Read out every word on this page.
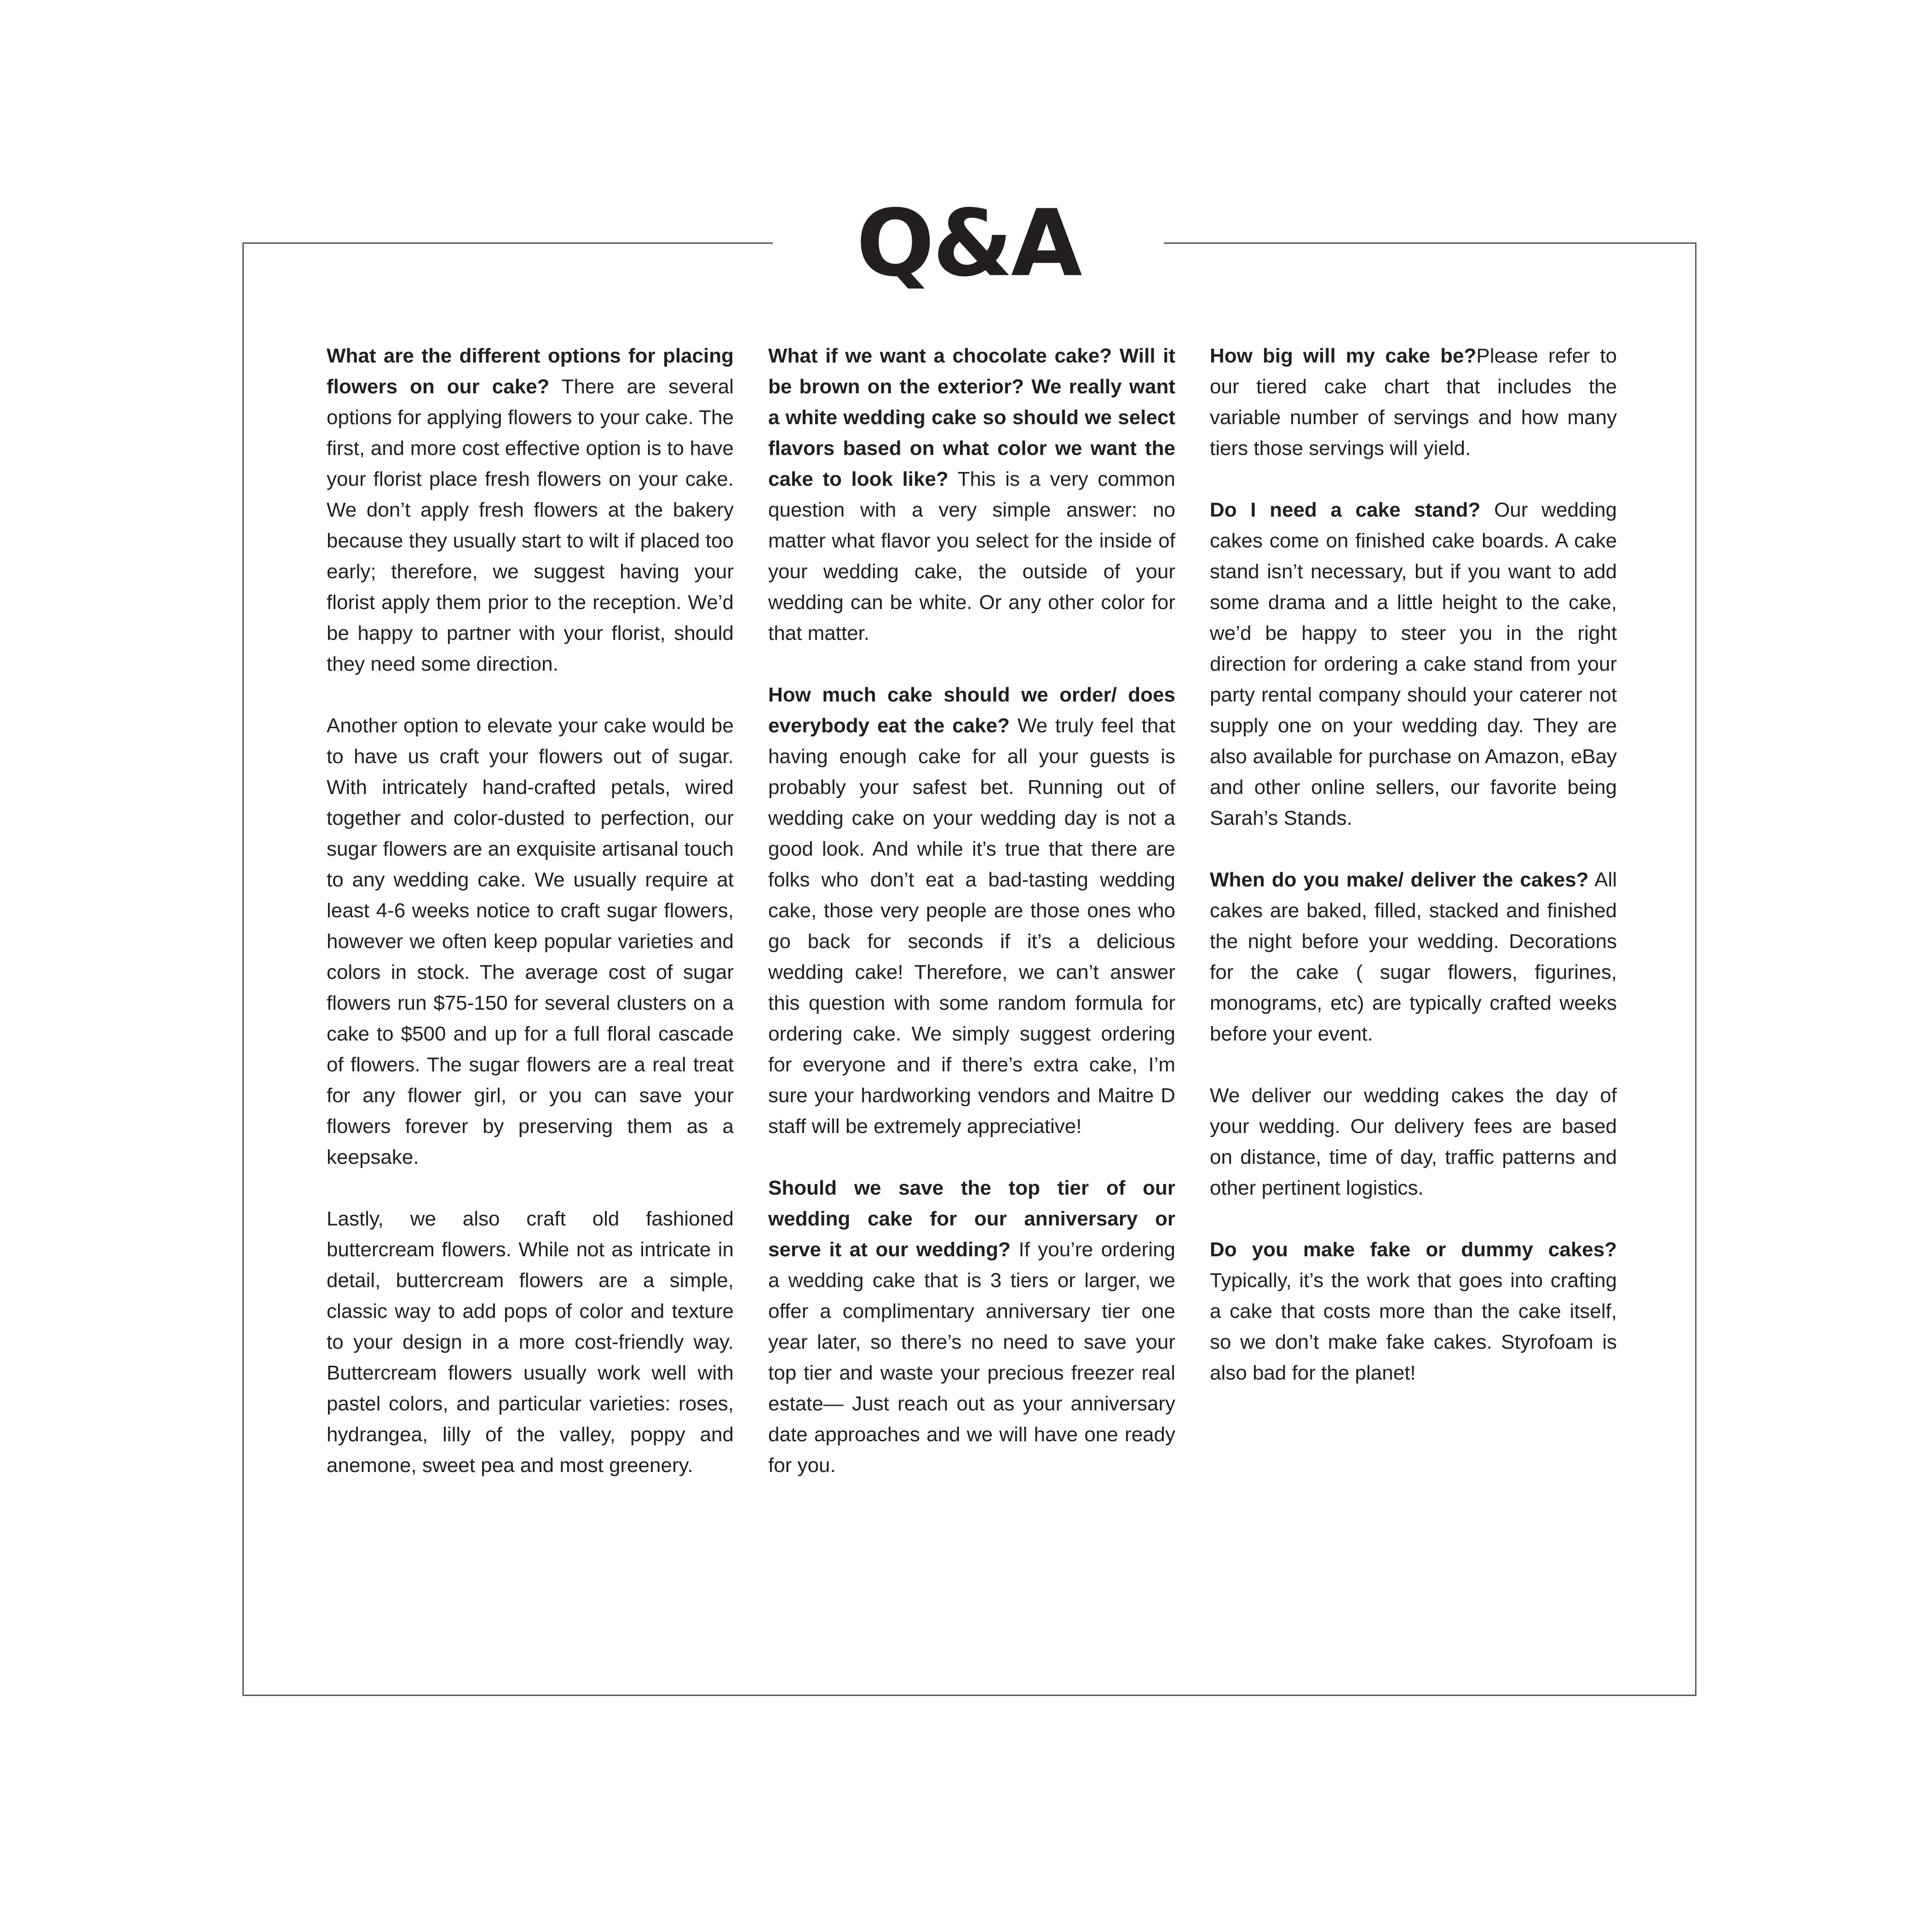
Q&A

What are the different options for placing flowers on our cake? There are several options for applying flowers to your cake. The first, and more cost effective option is to have your florist place fresh flowers on your cake. We don’t apply fresh flowers at the bakery because they usually start to wilt if placed too early; therefore, we suggest having your florist apply them prior to the reception. We’d be happy to partner with your florist, should they need some direction.

Another option to elevate your cake would be to have us craft your flowers out of sugar. With intricately hand-crafted petals, wired together and color-dusted to perfection, our sugar flowers are an exquisite artisanal touch to any wedding cake. We usually require at least 4-6 weeks notice to craft sugar flowers, however we often keep popular varieties and colors in stock. The average cost of sugar flowers run $75-150 for several clusters on a cake to $500 and up for a full floral cascade of flowers. The sugar flowers are a real treat for any flower girl, or you can save your flowers forever by preserving them as a keepsake.

Lastly, we also craft old fashioned buttercream flowers. While not as intricate in detail, buttercream flowers are a simple, classic way to add pops of color and texture to your design in a more cost-friendly way. Buttercream flowers usually work well with pastel colors, and particular varieties: roses, hydrangea, lilly of the valley, poppy and anemone, sweet pea and most greenery.

What if we want a chocolate cake? Will it be brown on the exterior? We really want a white wedding cake so should we select flavors based on what color we want the cake to look like? This is a very common question with a very simple answer: no matter what flavor you select for the inside of your wedding cake, the outside of your wedding can be white. Or any other color for that matter.

How much cake should we order/ does everybody eat the cake? We truly feel that having enough cake for all your guests is probably your safest bet. Running out of wedding cake on your wedding day is not a good look. And while it’s true that there are folks who don’t eat a bad-tasting wedding cake, those very people are those ones who go back for seconds if it’s a delicious wedding cake! Therefore, we can’t answer this question with some random formula for ordering cake. We simply suggest ordering for everyone and if there’s extra cake, I’m sure your hardworking vendors and Maitre D staff will be extremely appreciative!

Should we save the top tier of our wedding cake for our anniversary or serve it at our wedding? If you’re ordering a wedding cake that is 3 tiers or larger, we offer a complimentary anniversary tier one year later, so there’s no need to save your top tier and waste your precious freezer real estate— Just reach out as your anniversary date approaches and we will have one ready for you.

How big will my cake be?Please refer to our tiered cake chart that includes the variable number of servings and how many tiers those servings will yield.

Do I need a cake stand? Our wedding cakes come on finished cake boards. A cake stand isn’t necessary, but if you want to add some drama and a little height to the cake, we’d be happy to steer you in the right direction for ordering a cake stand from your party rental company should your caterer not supply one on your wedding day. They are also available for purchase on Amazon, eBay and other online sellers, our favorite being Sarah’s Stands.

When do you make/ deliver the cakes? All cakes are baked, filled, stacked and finished the night before your wedding. Decorations for the cake ( sugar flowers, figurines, monograms, etc) are typically crafted weeks before your event.

We deliver our wedding cakes the day of your wedding. Our delivery fees are based on distance, time of day, traffic patterns and other pertinent logistics.

Do you make fake or dummy cakes? Typically, it’s the work that goes into crafting a cake that costs more than the cake itself, so we don’t make fake cakes. Styrofoam is also bad for the planet!
